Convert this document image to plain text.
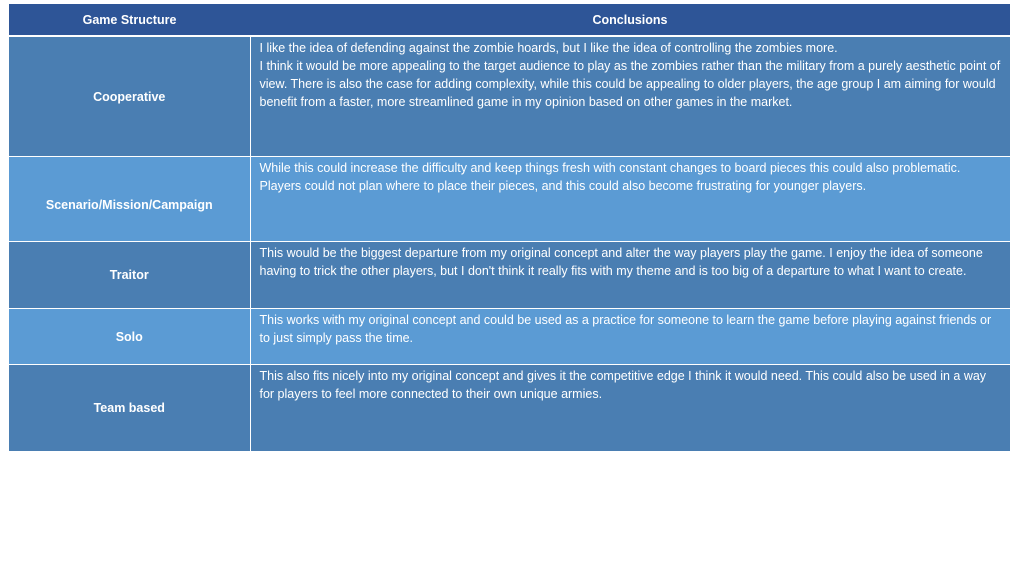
Game Structure	Conclusions
Cooperative	I like the idea of defending against the zombie hoards, but I like the idea of controlling the zombies more.
I think it would be more appealing to the target audience to play as the zombies rather than the military from a purely aesthetic point of view. There is also the case for adding complexity, while this could be appealing to older players, the age group I am aiming for would benefit from a faster, more streamlined game in my opinion based on other games in the market.

Scenario/Mission/Campaign	While this could increase the difficulty and keep things fresh with constant changes to board pieces this could also problematic. Players could not plan where to place their pieces, and this could also become frustrating for younger players.

Traitor	This would be the biggest departure from my original concept and alter the way players play the game. I enjoy the idea of someone having to trick the other players, but I don't think it really fits with my theme and is too big of a departure to what I want to create.

Solo	This works with my original concept and could be used as a practice for someone to learn the game before playing against friends or to just simply pass the time.

Team based	This also fits nicely into my original concept and gives it the competitive edge I think it would need. This could also be used in a way for players to feel more connected to their own unique armies.
